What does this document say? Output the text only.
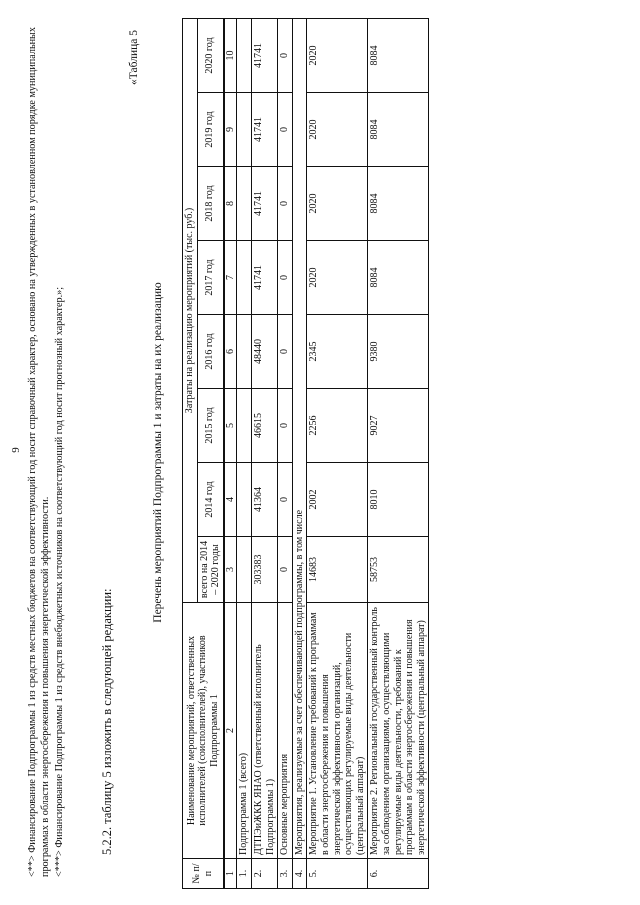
9 <**> Финансирование Подпрограммы 1 из средств местных бюджетов на соответствующий год носит справочный характер, основано на утвержденных в установленном порядке муниципальных программах в области энергосбережения и повышения энергетической эффективности. <***> Финансирование Подпрограммы 1 из средств внебюджетных источников на соответствующий год носит прогнозный характер.»;	5.2.2. таблицу 5 изложить в следующей редакции:
«Таблица 5
Перечень мероприятий Подпрограммы 1 и затраты на их реализацию
№ п/п	Наименование мероприятий, ответственных исполнителей (соисполнителей), участников Подпрограммы 1	Затраты на реализацию мероприятий (тыс. руб.)							
		всего на 2014 – 2020 годы	2014 год	2015 год	2016 год	2017 год	2018 год	2019 год	2020 год
1	2	3	4	5	6	7	8	9	10
1.	Подпрограмма 1 (всего)								
2.	ДТПЭиЖКК ЯНАО (ответственный исполнитель Подпрограммы 1)	303383	41364	46615	48440	41741	41741	41741	41741
3.	Основные мероприятия	0	0	0	0	0	0	0	0
4.	Мероприятия, реализуемые за счет обеспечивающей подпрограммы, в том числе								
5.	Мероприятие 1. Установление требований к программам в области энергосбережения и повышения энергетической эффективности организаций, осуществляющих регулируемые виды деятельности (центральный аппарат)	14683	2002	2256	2345	2020	2020	2020	2020
6.	Мероприятие 2. Региональный государственный контроль за соблюдением организациями, осуществляющими регулируемые виды деятельности, требований к программам в области энергосбережения и повышения энергетической эффективности (центральный аппарат)	58753	8010	9027	9380	8084	8084	8084	8084
